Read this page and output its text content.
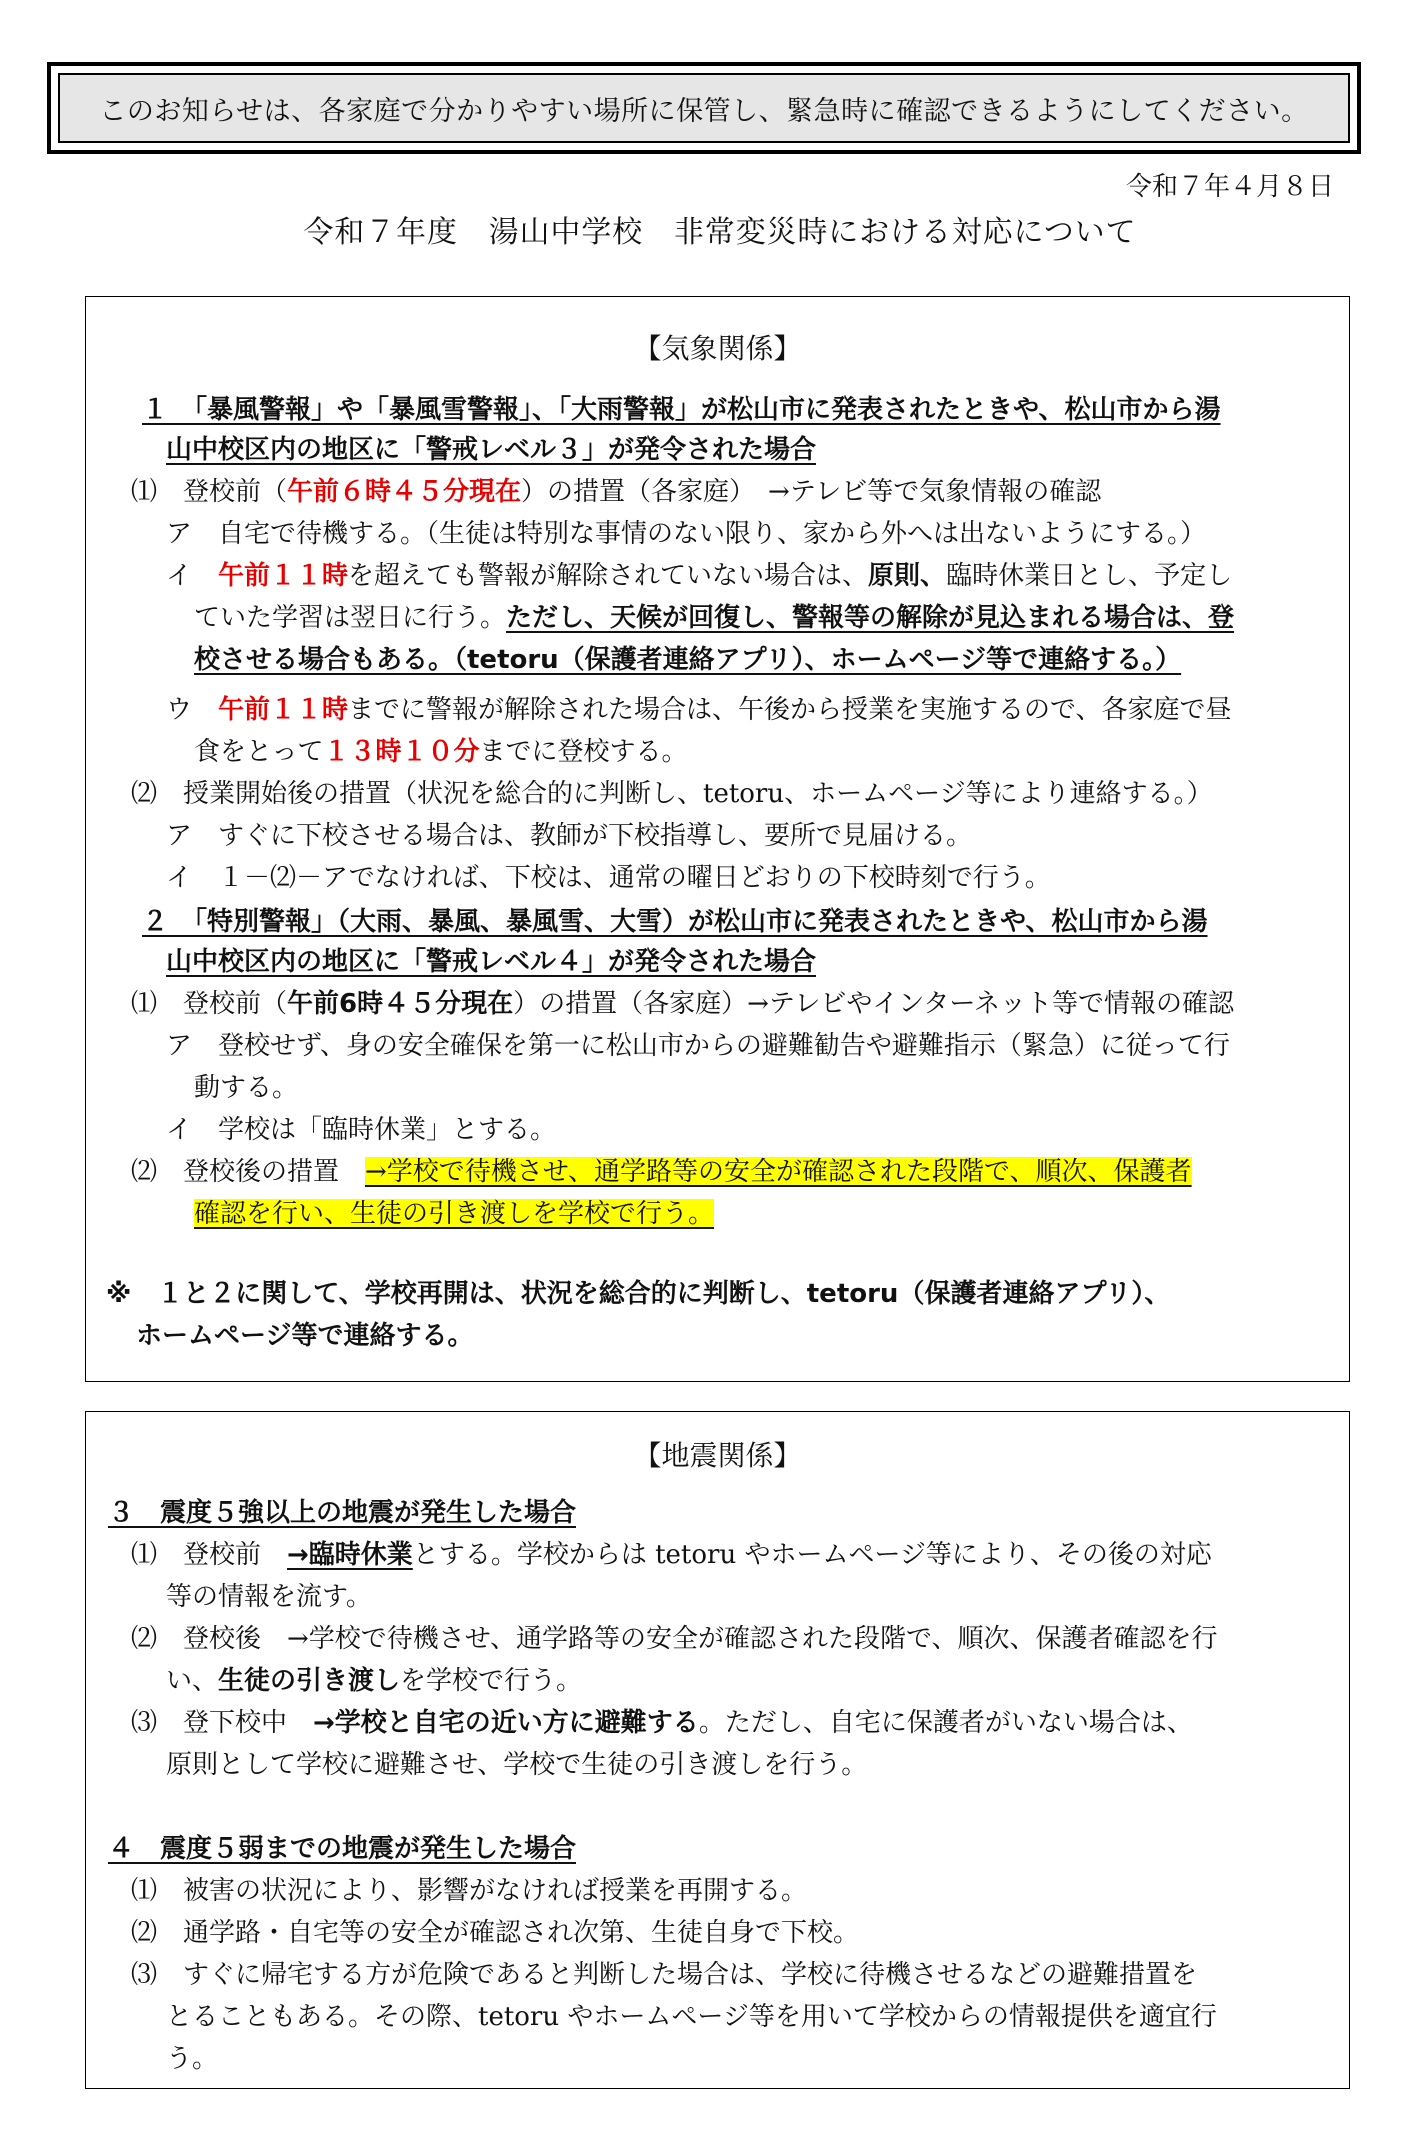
このお知らせは、各家庭で分かりやすい場所に保管し、緊急時に確認できるようにしてください。
令和７年４月８日
令和７年度　湯山中学校　非常変災時における対応について
【気象関係】
１　 「暴風警報」や「暴風雪警報」、「大雨警報」が松山市に発表されたときや、松山市から湯
山中校区内の地区に「警戒レベル３」が発令された場合
⑴　登校前（午前６時４５分現在）の措置（各家庭）　→テレビ等で気象情報の確認
ア　自宅で待機する。（生徒は特別な事情のない限り、家から外へは出ないようにする。）
イ　午前１１時を超えても警報が解除されていない場合は、原則、臨時休業日とし、予定し
ていた学習は翌日に行う。ただし、天候が回復し、警報等の解除が見込まれる場合は、登
校させる場合もある。（tetoru（保護者連絡アプリ）、ホームページ等で連絡する。）
ウ　午前１１時までに警報が解除された場合は、午後から授業を実施するので、各家庭で昼
食をとって１３時１０分までに登校する。
⑵　授業開始後の措置（状況を総合的に判断し、tetoru、ホームページ等により連絡する。）
ア　すぐに下校させる場合は、教師が下校指導し、要所で見届ける。
イ　１－⑵－アでなければ、下校は、通常の曜日どおりの下校時刻で行う。
２　 「特別警報」（大雨、暴風、暴風雪、大雪）が松山市に発表されたときや、松山市から湯
山中校区内の地区に「警戒レベル４」が発令された場合
⑴　登校前（午前6時４５分現在）の措置（各家庭）→テレビやインターネット等で情報の確認
ア　登校せず、身の安全確保を第一に松山市からの避難勧告や避難指示（緊急）に従って行
動する。
イ　学校は「臨時休業」とする。
⑵　登校後の措置　→学校で待機させ、通学路等の安全が確認された段階で、順次、保護者
確認を行い、生徒の引き渡しを学校で行う。
※　１と２に関して、学校再開は、状況を総合的に判断し、tetoru（保護者連絡アプリ）、
ホームページ等で連絡する。
【地震関係】
３　震度５強以上の地震が発生した場合
⑴　登校前　→臨時休業とする。学校からは tetoru やホームページ等により、その後の対応
等の情報を流す。
⑵　登校後　→学校で待機させ、通学路等の安全が確認された段階で、順次、保護者確認を行
い、生徒の引き渡しを学校で行う。
⑶　登下校中　→学校と自宅の近い方に避難する。ただし、自宅に保護者がいない場合は、
原則として学校に避難させ、学校で生徒の引き渡しを行う。
４　震度５弱までの地震が発生した場合
⑴　被害の状況により、影響がなければ授業を再開する。
⑵　通学路・自宅等の安全が確認され次第、生徒自身で下校。
⑶　すぐに帰宅する方が危険であると判断した場合は、学校に待機させるなどの避難措置を
とることもある。その際、tetoru やホームページ等を用いて学校からの情報提供を適宜行
う。
